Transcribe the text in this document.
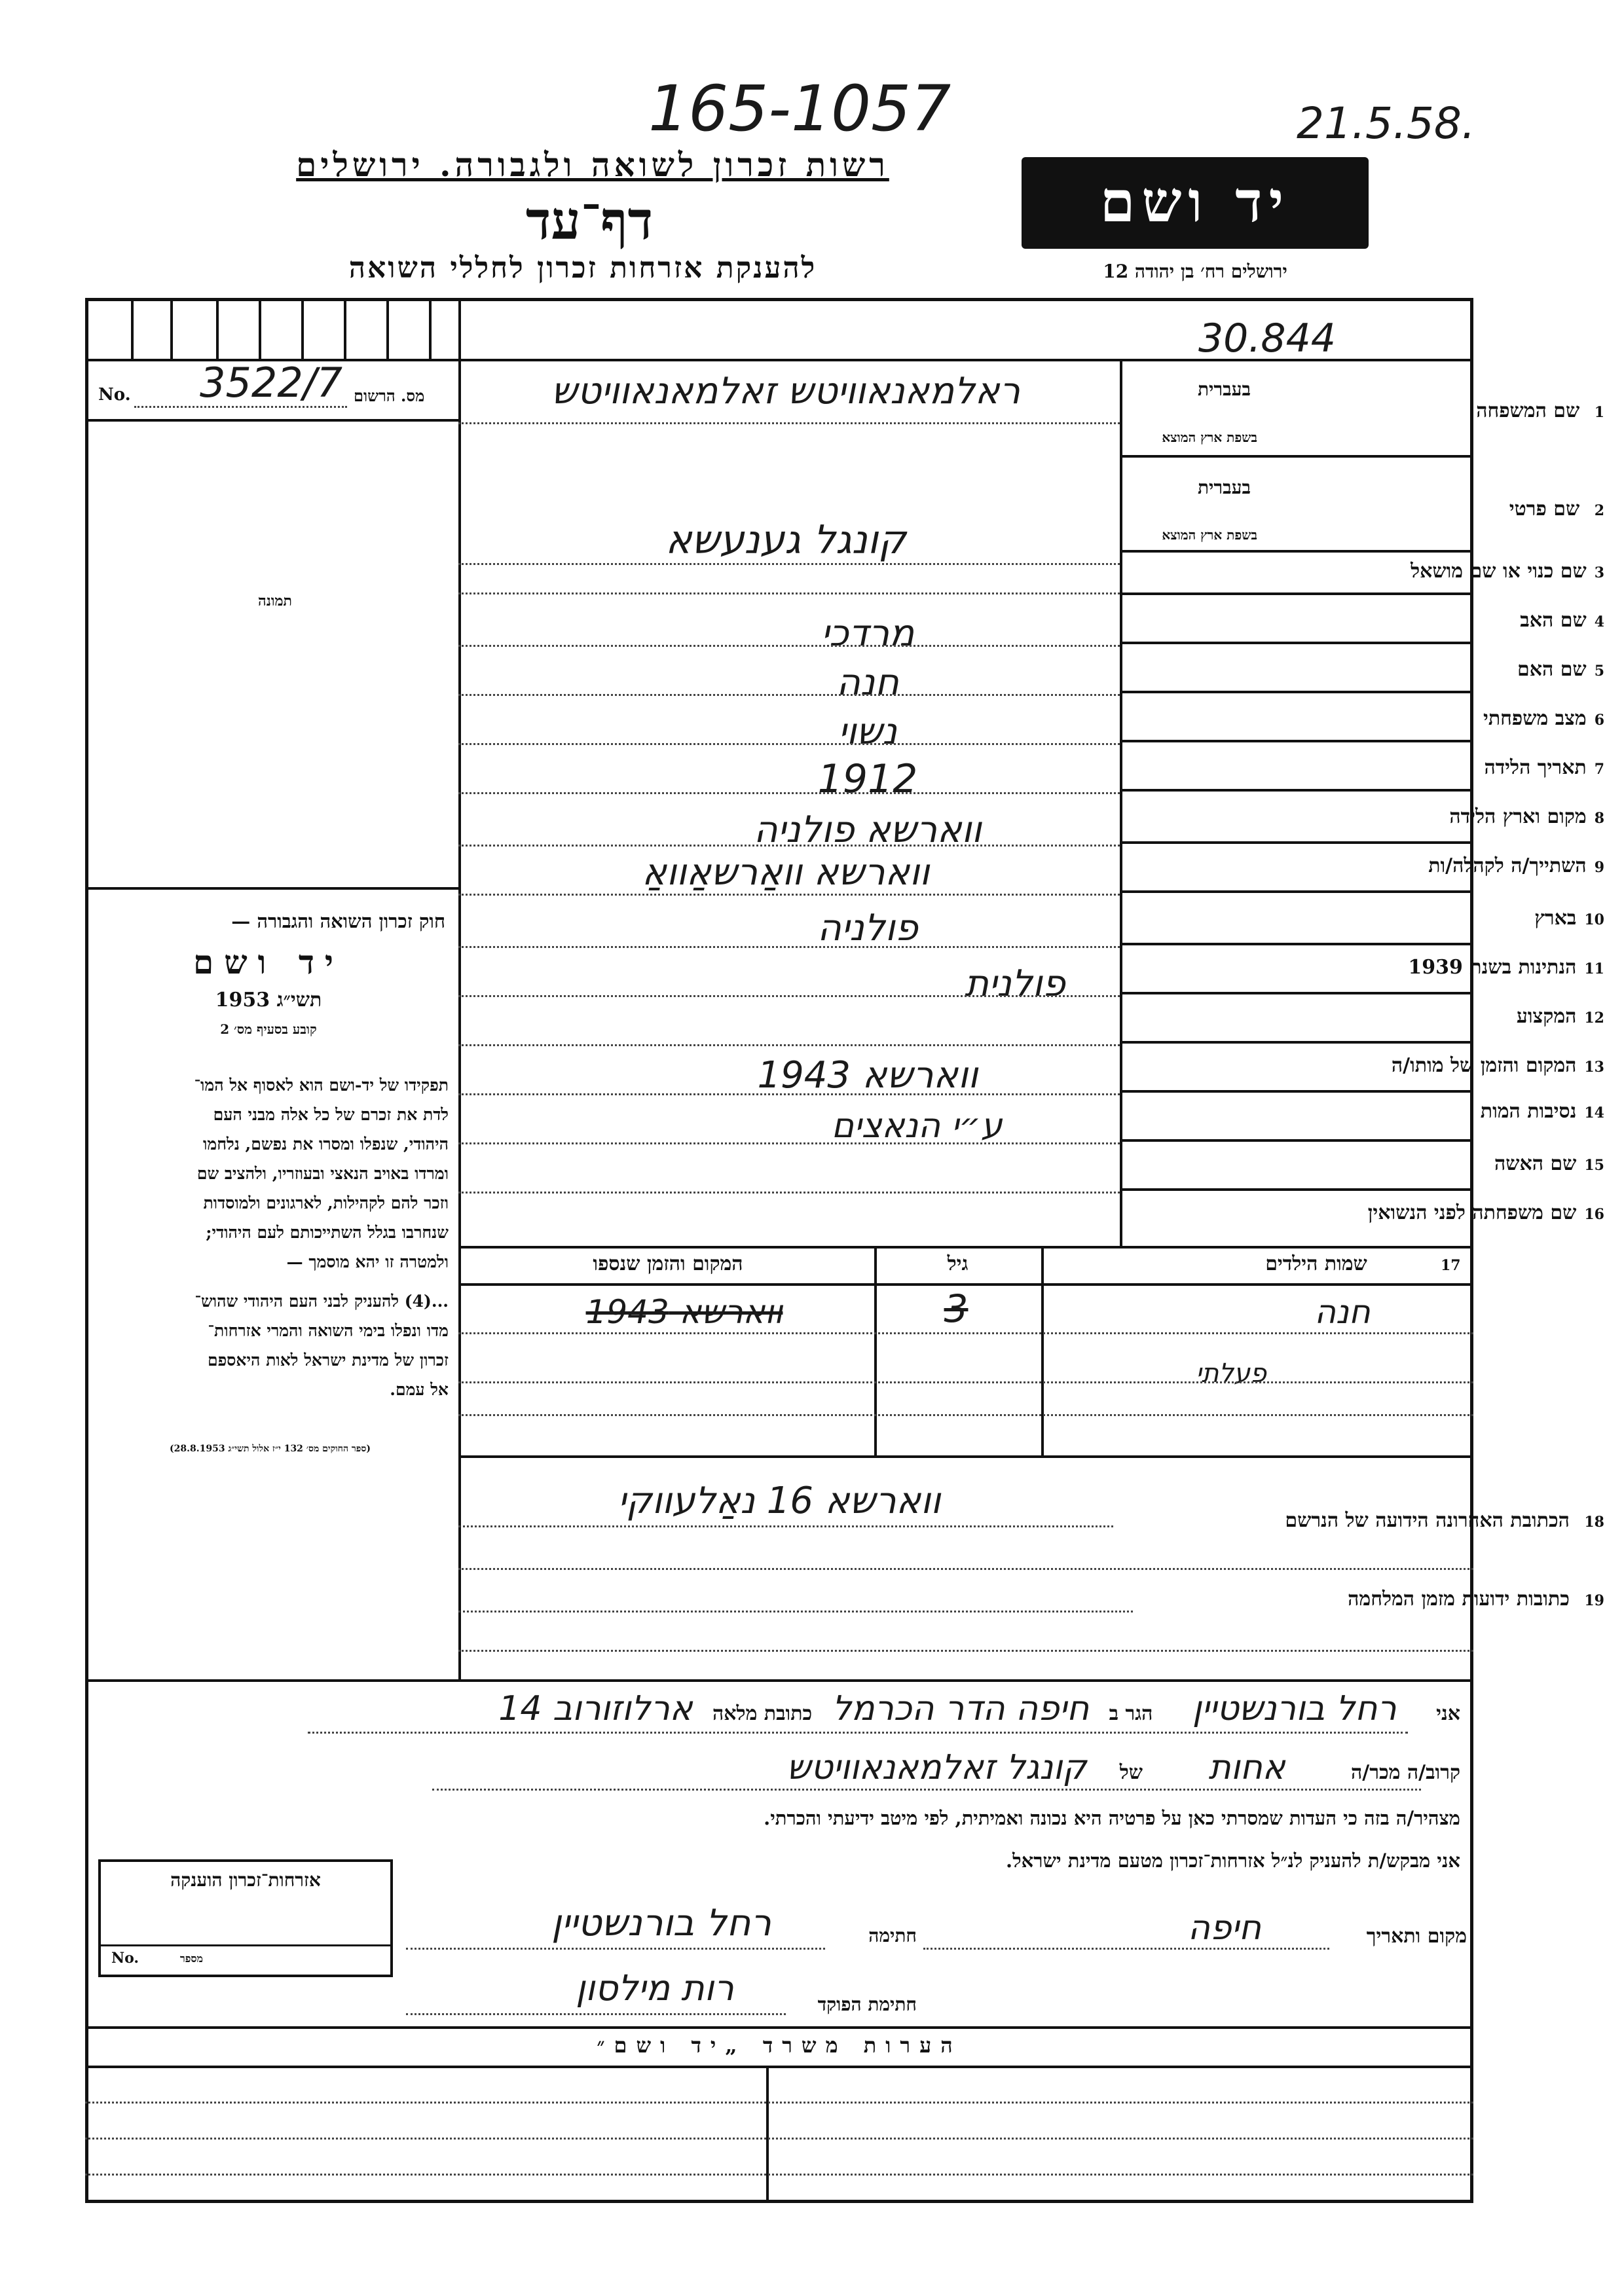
165-1057	21.5.58.
רשות זכרון לשואה ולגבורה. ירושלים
דף־עד
להענקת אזרחות זכרון לחללי השואה
יד ושם
ירושלים רח׳ בן יהודה 12
30.844
No. 3522/7 מס. הרשום
תמונה
חוק זכרון השואה והגבורה —
יד ושם
תשי״ג 1953
קובע בסעיף מס׳ 2
תפקידו של יד-ושם הוא לאסוף אל המו־
לדת את זכרם של כל אלה מבני העם
היהודי, שנפלו ומסרו את נפשם, נלחמו
ומרדו באויב הנאצי ובעוזריו, ולהציב שם
וזכר להם לקהילות, לארגונים ולמוסדות
שנחרבו בגלל השתייכותם לעם היהודי;
ולמטרה זו יהא מוסמך —
...(4) להעניק לבני העם היהודי שהוש־
מדו ונפלו בימי השואה והמרי אזרחות־
זכרון של מדינת ישראל לאות היאספם
אל עמם.
(ספר החוקים מס׳ 132 י״ז אלול תשי״ג 28.8.1953)
1 שם המשפחה
בעברית
בשפת ארץ המוצא
ראלמאנאוויטש זאלמאנאוויטש
2 שם פרטי
בעברית
בשפת ארץ המוצא
קונגל גענעשא
3שם כנוי או שם מושאל
4שם האב
מרדכי
5שם האם
חנה
6מצב משפחתי
נשוי
7תאריך הלידה
1912
8מקום וארץ הלידה
ווארשא פולניה
9השתייך/ה לקהלה/ות
ווארשא וואַרשאַוואַ
10בארץ
פולניה
11הנתינות בשנת 1939
פולנית
12המקצוע
13המקום והזמן של מותו/ה
ווארשא 1943
14נסיבות המות
ע״י הנאצים
15שם האשה
16שם משפחתה לפני הנשואין
17
שמות הילדים
גיל
המקום והזמן שנספו
חנה
3
ווארשא 1943
פעלתי
18 הכתובת האחרונה הידועה של הנרשם
ווארשא 16 נאַלעווקי
19 כתובות ידועות מזמן המלחמה
אני רחל בורנשטיין הגר ב חיפה הדר הכרמל כתובת מלאה ארלוזורוב 14
קרוב/ה מכר/ה אחות של קונגל זאלמאנאוויטש
מצהיר/ה בזה כי העדות שמסרתי כאן על פרטיה היא נכונה ואמיתית, לפי מיטב ידיעתי והכרתי.
אני מבקש/ת להעניק לנ״ל אזרחות־זכרון מטעם מדינת ישראל.
אזרחות־זכרון הוענקה
No.	מספר
מקום ותאריך
חיפה
חתימה
רחל בורנשטיין
חתימת הפוקד
רות מילסון
הערות משרד „יד ושם״
